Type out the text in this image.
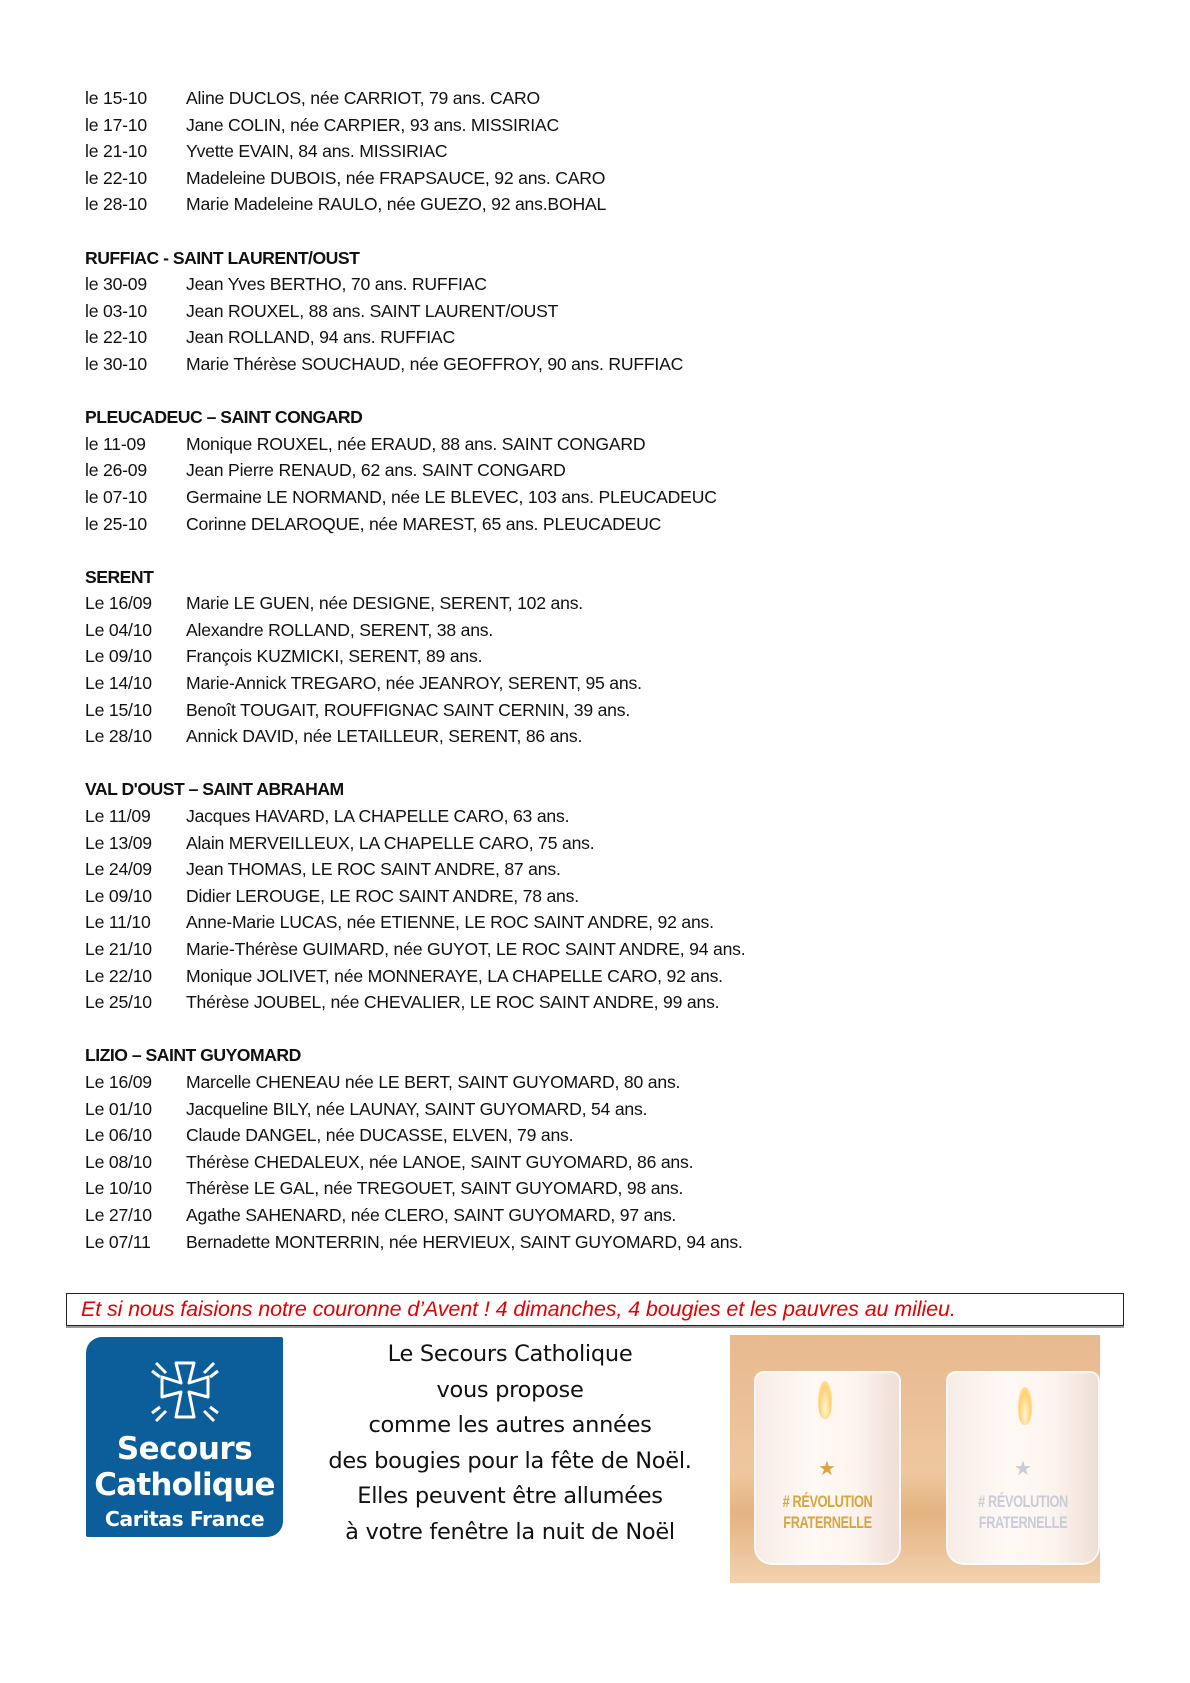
le 15-10	Aline DUCLOS, née CARRIOT, 79 ans. CARO
le 17-10	Jane COLIN, née CARPIER, 93 ans. MISSIRIAC
le 21-10	Yvette EVAIN, 84 ans. MISSIRIAC
le 22-10	Madeleine DUBOIS, née FRAPSAUCE, 92 ans. CARO
le 28-10	Marie Madeleine RAULO, née GUEZO, 92 ans.BOHAL
RUFFIAC - SAINT LAURENT/OUST
le 30-09	Jean Yves BERTHO, 70 ans. RUFFIAC
le 03-10	Jean ROUXEL, 88 ans. SAINT LAURENT/OUST
le 22-10	Jean ROLLAND, 94 ans. RUFFIAC
le 30-10	Marie Thérèse SOUCHAUD, née GEOFFROY, 90 ans. RUFFIAC
PLEUCADEUC – SAINT CONGARD
le 11-09	Monique ROUXEL, née ERAUD, 88 ans. SAINT CONGARD
le 26-09	Jean Pierre RENAUD, 62 ans. SAINT CONGARD
le 07-10	Germaine LE NORMAND, née LE BLEVEC, 103 ans. PLEUCADEUC
le 25-10	Corinne DELAROQUE, née MAREST, 65 ans. PLEUCADEUC
SERENT
Le 16/09	Marie LE GUEN, née DESIGNE, SERENT, 102 ans.
Le 04/10	Alexandre ROLLAND, SERENT, 38 ans.
Le 09/10	François KUZMICKI, SERENT, 89 ans.
Le 14/10	Marie-Annick TREGARO, née JEANROY, SERENT, 95 ans.
Le 15/10	Benoît TOUGAIT, ROUFFIGNAC SAINT CERNIN, 39 ans.
Le 28/10	Annick DAVID, née LETAILLEUR, SERENT, 86 ans.
VAL D'OUST – SAINT ABRAHAM
Le 11/09	Jacques HAVARD, LA CHAPELLE CARO, 63 ans.
Le 13/09	Alain MERVEILLEUX, LA CHAPELLE CARO, 75 ans.
Le 24/09	Jean THOMAS, LE ROC SAINT ANDRE, 87 ans.
Le 09/10	Didier LEROUGE, LE ROC SAINT ANDRE, 78 ans.
Le 11/10	Anne-Marie LUCAS, née ETIENNE, LE ROC SAINT ANDRE, 92 ans.
Le 21/10	Marie-Thérèse GUIMARD, née GUYOT, LE ROC SAINT ANDRE, 94 ans.
Le 22/10	Monique JOLIVET, née MONNERAYE, LA CHAPELLE CARO, 92 ans.
Le 25/10	Thérèse JOUBEL, née CHEVALIER, LE ROC SAINT ANDRE, 99 ans.
LIZIO – SAINT GUYOMARD
Le 16/09	Marcelle CHENEAU née LE BERT, SAINT GUYOMARD, 80 ans.
Le 01/10	Jacqueline BILY, née LAUNAY, SAINT GUYOMARD, 54 ans.
Le 06/10	Claude DANGEL, née DUCASSE, ELVEN, 79 ans.
Le 08/10	Thérèse CHEDALEUX, née LANOE, SAINT GUYOMARD, 86 ans.
Le 10/10	Thérèse LE GAL, née TREGOUET, SAINT GUYOMARD, 98 ans.
Le 27/10	Agathe SAHENARD, née CLERO, SAINT GUYOMARD, 97 ans.
Le 07/11	Bernadette MONTERRIN, née HERVIEUX, SAINT GUYOMARD, 94 ans.
Et si nous faisions notre couronne d’Avent ! 4 dimanches, 4 bougies et les pauvres au milieu.
Secours
Catholique
Caritas France
Le Secours Catholique
vous propose
comme les autres années
des bougies pour la fête de Noël.
Elles peuvent être allumées
à votre fenêtre la nuit de Noël
★
# RÉVOLUTION
FRATERNELLE
★
# RÉVOLUTION
FRATERNELLE
